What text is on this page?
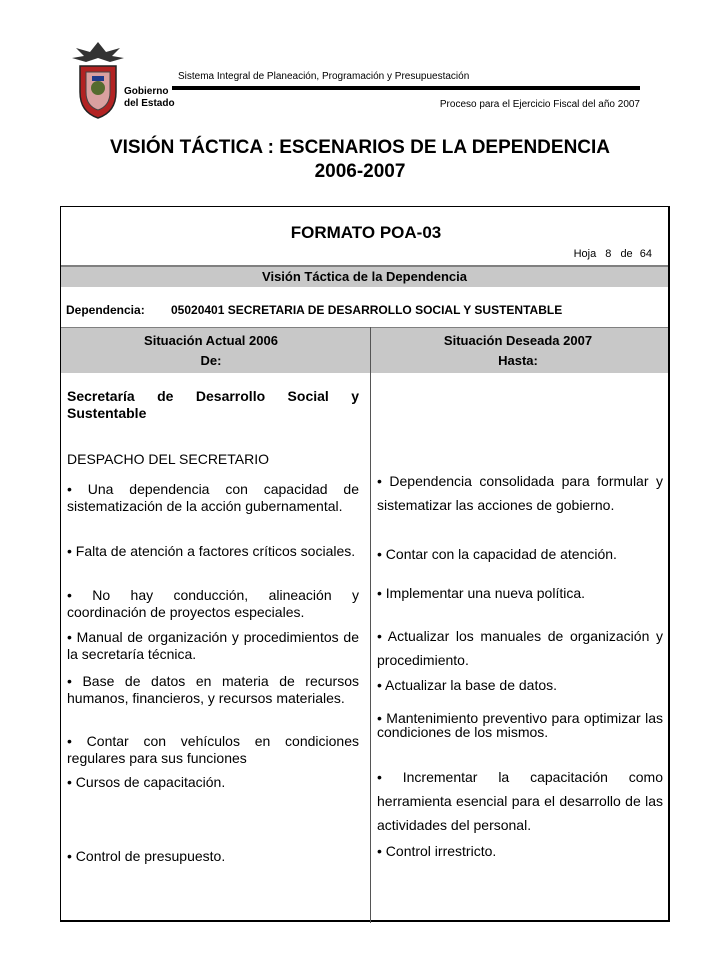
Gobierno
del Estado
Sistema Integral de Planeación, Programación y Presupuestación
Proceso para el Ejercicio Fiscal del año 2007
VISIÓN TÁCTICA : ESCENARIOS DE LA DEPENDENCIA
2006-2007
FORMATO POA-03
Hoja 8 de 64
Visión Táctica de la Dependencia
Dependencia: 05020401 SECRETARIA DE DESARROLLO SOCIAL Y SUSTENTABLE
Situación Actual 2006
De:
Situación Deseada 2007
Hasta:
Secretaría de Desarrollo Social y Sustentable
DESPACHO DEL SECRETARIO
• Una dependencia con capacidad de sistematización de la acción gubernamental.
• Falta de atención a factores críticos sociales.
• No hay conducción, alineación y coordinación de proyectos especiales.
• Manual de organización y procedimientos de la secretaría técnica.
• Base de datos en materia de recursos humanos, financieros, y recursos materiales.
• Contar con vehículos en condiciones regulares para sus funciones
• Cursos de capacitación.
• Control de presupuesto.
• Dependencia consolidada para formular y sistematizar las acciones de gobierno.
• Contar con la capacidad de atención.
• Implementar una nueva política.
• Actualizar los manuales de organización y procedimiento.
• Actualizar la base de datos.
• Mantenimiento preventivo para optimizar las condiciones de los mismos.
• Incrementar la capacitación como herramienta esencial para el desarrollo de las actividades del personal.
• Control irrestricto.
